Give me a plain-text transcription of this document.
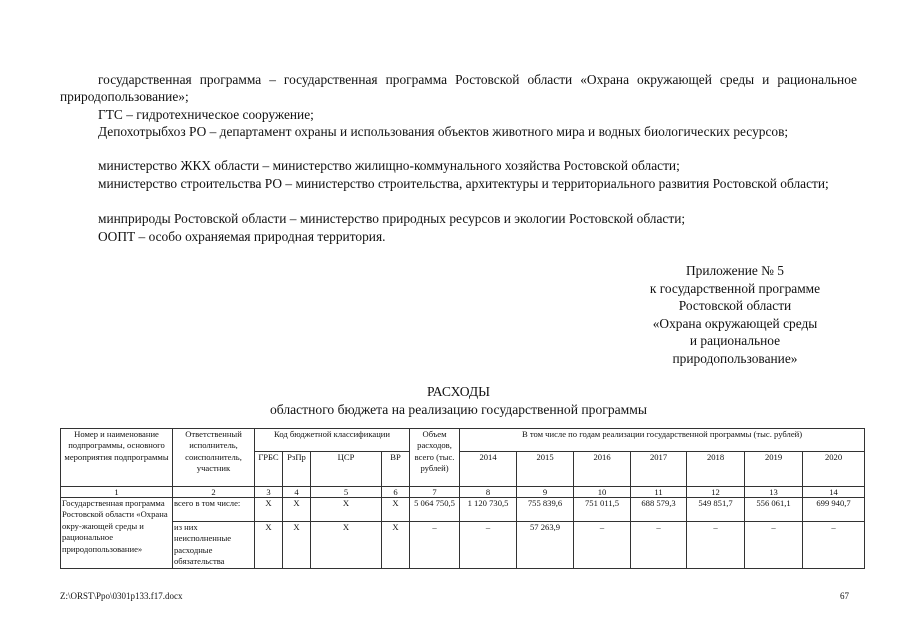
государственная программа – государственная программа Ростовской области «Охрана окружающей среды и рациональное природопользование»;

ГТС – гидротехническое сооружение;

Депохотрыбхоз РО – департамент охраны и использования объектов животного мира и водных биологических ресурсов;

министерство ЖКХ области – министерство жилищно-коммунального хозяйства Ростовской области;

министерство строительства РО – министерство строительства, архитектуры и территориального развития Ростовской области;

минприроды Ростовской области – министерство природных ресурсов и экологии Ростовской области;

ООПТ – особо охраняемая природная территория.

Приложение № 5
к государственной программе
Ростовской области
«Охрана окружающей среды
и рациональное
природопользование»
РАСХОДЫ
областного бюджета на реализацию государственной программы
Номер и наименование подпрограммы, основного мероприятия подпрограммы	Ответственный исполнитель, соисполнитель, участник	Код бюджетной классификации				Объем расходов, всего (тыс. рублей)	В том числе по годам реализации государственной программы (тыс. рублей)						
		ГРБС	РзПр	ЦСР	ВР		2014	2015	2016	2017	2018	2019	2020
1	2	3	4	5	6	7	8	9	10	11	12	13	14
Государственная программа Ростовской области «Охрана окру-жающей среды и рациональное природопользование»	всего в том числе:	X	X	X	X	5 064 750,5	1 120 730,5	755 839,6	751 011,5	688 579,3	549 851,7	556 061,1	699 940,7
	из них неисполненные расходные обязательства	X	X	X	X	–	–	57 263,9	–	–	–	–	–
Z:\ORST\Ppo\0301p133.f17.docx	67
